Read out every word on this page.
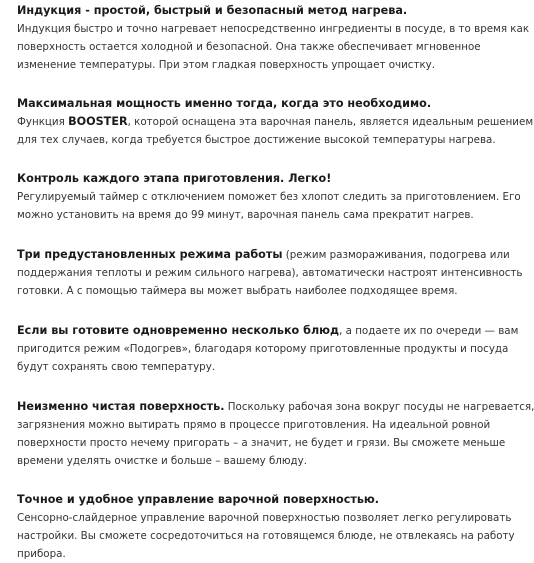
Индукция - простой, быстрый и безопасный метод нагрева.

Индукция быстро и точно нагревает непосредственно ингредиенты в посуде, в то время как
поверхность остается холодной и безопасной. Она также обеспечивает мгновенное
изменение температуры. При этом гладкая поверхность упрощает очистку.

Максимальная мощность именно тогда, когда это необходимо.

Функция BOOSTER, которой оснащена эта варочная панель, является идеальным решением
для тех случаев, когда требуется быстрое достижение высокой температуры нагрева.

Контроль каждого этапа приготовления. Легко!

Регулируемый таймер с отключением поможет без хлопот следить за приготовлением. Его
можно установить на время до 99 минут, варочная панель сама прекратит нагрев.

Три предустановленных режима работы (режим размораживания, подогрева или
поддержания теплоты и режим сильного нагрева), автоматически настроят интенсивность
готовки. А с помощью таймера вы может выбрать наиболее подходящее время.

Если вы готовите одновременно несколько блюд, а подаете их по очереди — вам
пригодится режим «Подогрев», благодаря которому приготовленные продукты и посуда
будут сохранять свою температуру.

Неизменно чистая поверхность. Поскольку рабочая зона вокруг посуды не нагревается,
загрязнения можно вытирать прямо в процессе приготовления. На идеальной ровной
поверхности просто нечему пригорать – а значит, не будет и грязи. Вы сможете меньше
времени уделять очистке и больше – вашему блюду.

Точное и удобное управление варочной поверхностью.

Сенсорно-слайдерное управление варочной поверхностью позволяет легко регулировать
настройки. Вы сможете сосредоточиться на готовящемся блюде, не отвлекаясь на работу
прибора.
